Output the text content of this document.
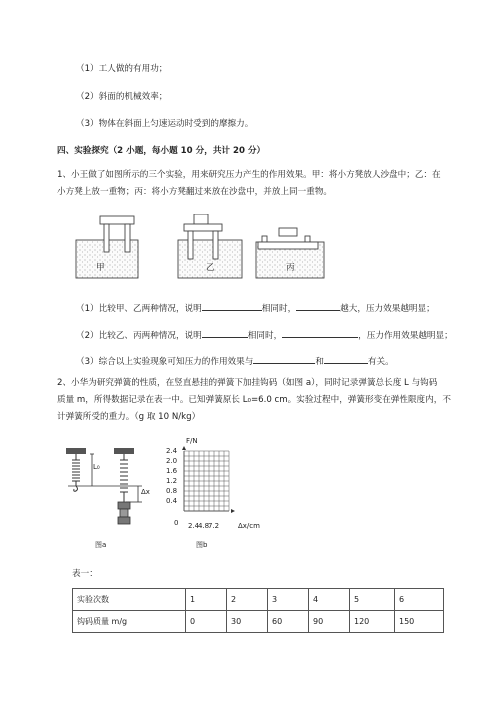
（1）工人做的有用功；
（2）斜面的机械效率；
（3）物体在斜面上匀速运动时受到的摩擦力。
四、实验探究（2 小题，每小题 10 分，共计 20 分）
1、小王做了如图所示的三个实验，用来研究压力产生的作用效果。甲：将小方凳放人沙盘中；乙：在
小方凳上放一重物；丙：将小方凳翻过来放在沙盘中，并放上同一重物。
甲	乙	丙
（1）比较甲、乙两种情况，说明	相同时，	越大，压力效果越明显；
（2）比较乙、丙两种情况，说明	相同时，	，压力作用效果越明显；
（3）综合以上实验现象可知压力的作用效果与	和	有关。
2、小华为研究弹簧的性质，在竖直悬挂的弹簧下加挂钩码（如图 a），同时记录弹簧总长度 L 与钩码
质量 m，所得数据记录在表一中。已知弹簧原长 L₀=6.0 cm。实验过程中，弹簧形变在弹性限度内，不
计弹簧所受的重力。（g 取 10 N/kg）
L₀
Δx
图a
F/N
2.4
2.0
1.6
1.2
0.8
0.4
2.4
4.8
7.2
0	Δx/cm
图b
表一：
实验次数	1	2	3	4	5	6
钩码质量 m/g	0	30	60	90	120	150
